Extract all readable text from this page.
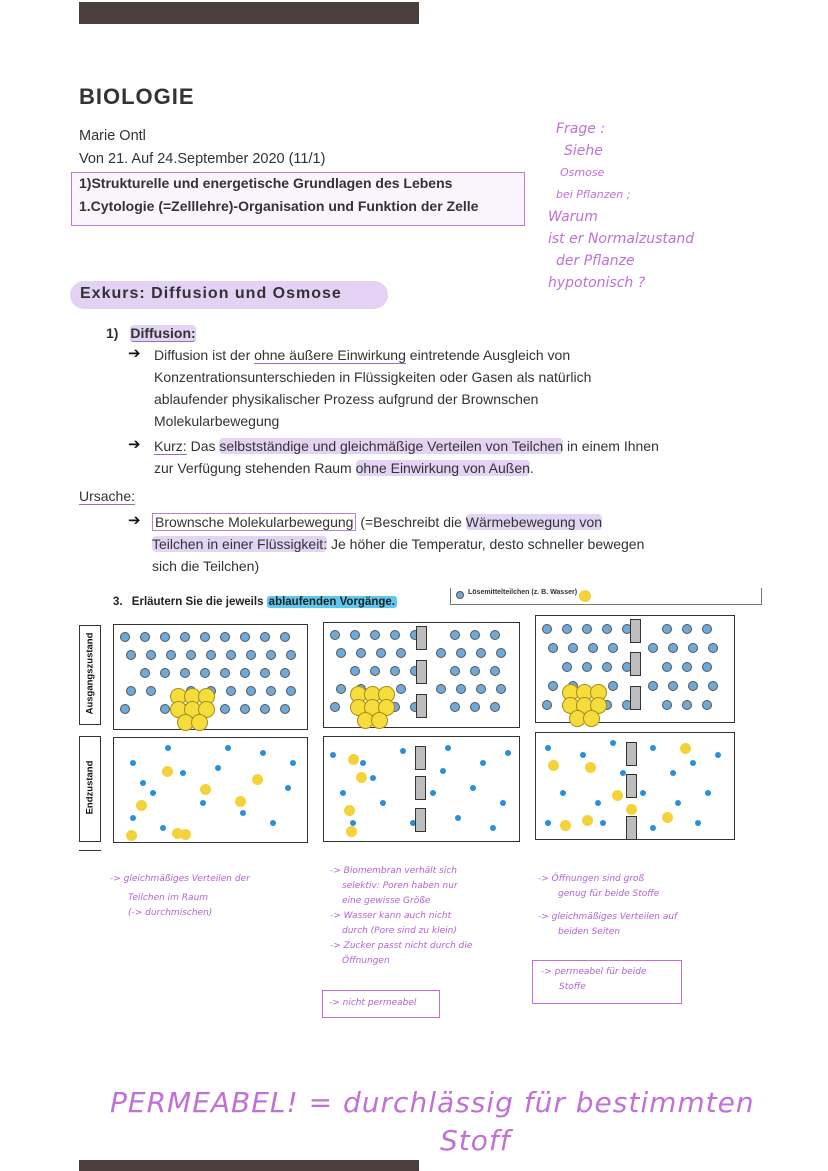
BIOLOGIE
Marie Ontl
Von 21. Auf 24.September 2020 (11/1)
1)Strukturelle und energetische Grundlagen des Lebens
1.Cytologie (=Zelllehre)-Organisation und Funktion der Zelle
Frage :
Siehe
Osmose
bei Pflanzen ;
Warum
ist er Normalzustand
der Pflanze
hypotonisch ?
Exkurs: Diffusion und Osmose
1) Diffusion:
➔ Diffusion ist der ohne äußere Einwirkung eintretende Ausgleich von
Konzentrationsunterschieden in Flüssigkeiten oder Gasen als natürlich
ablaufender physikalischer Prozess aufgrund der Brownschen
Molekularbewegung
➔ Kurz: Das selbstständige und gleichmäßige Verteilen von Teilchen in einem Ihnen
zur Verfügung stehenden Raum ohne Einwirkung von Außen.
Ursache:
➔ Brownsche Molekularbewegung (=Beschreibt die Wärmebewegung von
Teilchen in einer Flüssigkeit: Je höher die Temperatur, desto schneller bewegen
sich die Teilchen)
3. Erläutern Sie die jeweils ablaufenden Vorgänge.
Lösemittelteilchen (z. B. Wasser)
Ausgangszustand
Endzustand
-> gleichmäßiges Verteilen der
Teilchen im Raum
(-> durchmischen)
-> Biomembran verhält sich
selektiv: Poren haben nur
eine gewisse Größe
-> Wasser kann auch nicht
durch (Pore sind zu klein)
-> Zucker passt nicht durch die
Öffnungen
-> nicht permeabel
-> Öffnungen sind groß
genug für beide Stoffe
-> gleichmäßiges Verteilen auf
beiden Seiten
-> permeabel für beide
Stoffe
PERMEABEL! = durchlässig für bestimmten
Stoff
